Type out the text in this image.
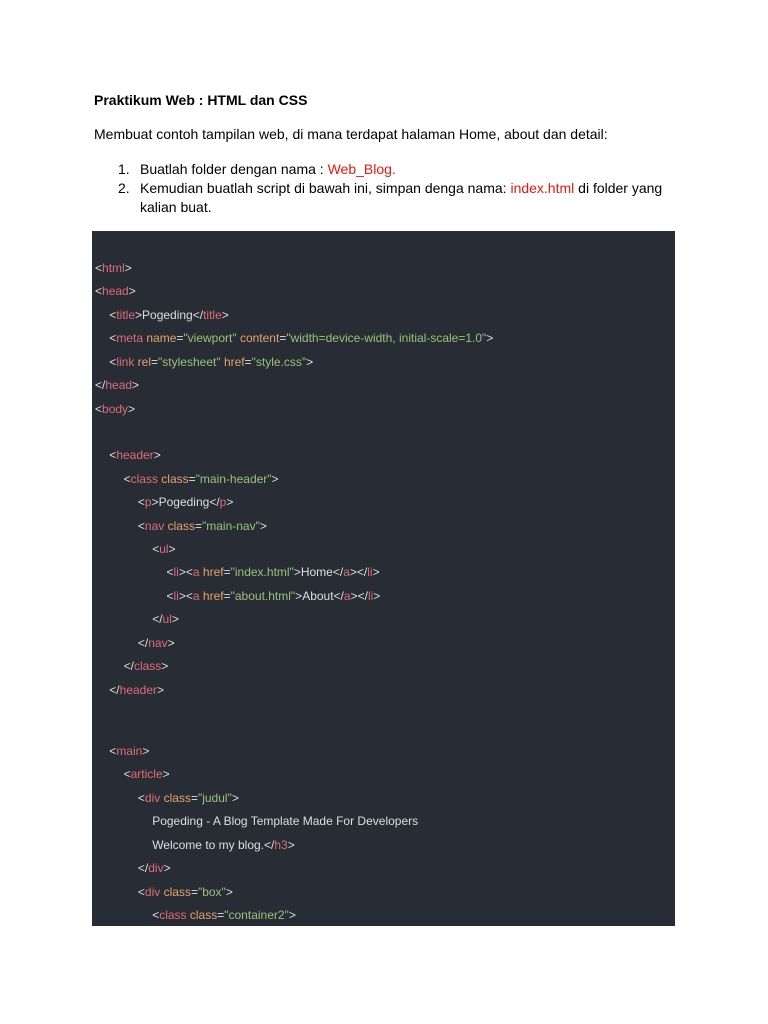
Praktikum Web : HTML dan CSS
Membuat contoh tampilan web, di mana terdapat halaman Home, about dan detail:
1. Buatlah folder dengan nama : Web_Blog.
2. Kemudian buatlah script di bawah ini, simpan denga nama: index.html di folder yang kalian buat.
<html>
<head>
<title>Pogeding</title>
<meta name="viewport" content="width=device-width, initial-scale=1.0">
<link rel="stylesheet" href="style.css">
</head>
<body>
<header>
<class class="main-header">
<p>Pogeding</p>
<nav class="main-nav">
<ul>
<li><a href="index.html">Home</a></li>
<li><a href="about.html">About</a></li>
</ul>
</nav>
</class>
</header>
<main>
<article>
<div class="judul">
Pogeding - A Blog Template Made For Developers
Welcome to my blog.</h3>
</div>
<div class="box">
<class class="container2">
